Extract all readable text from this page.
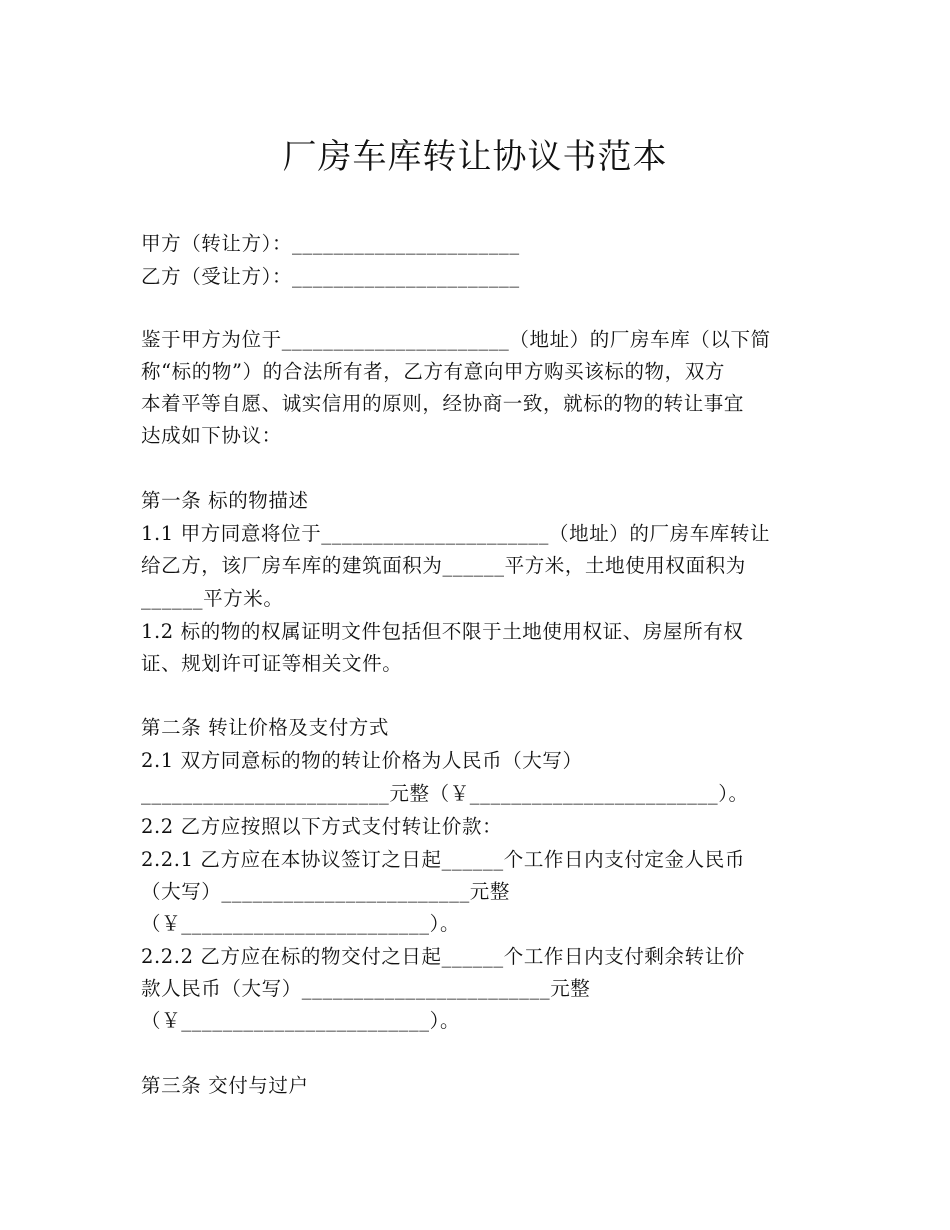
厂房车库转让协议书范本

甲方（转让方）：______________________

乙方（受让方）：______________________

鉴于甲方为位于______________________（地址）的厂房车库（以下简

称“标的物”）的合法所有者，乙方有意向甲方购买该标的物，双方

本着平等自愿、诚实信用的原则，经协商一致，就标的物的转让事宜

达成如下协议：

第一条 标的物描述

1.1 甲方同意将位于______________________（地址）的厂房车库转让

给乙方，该厂房车库的建筑面积为______平方米，土地使用权面积为

______平方米。

1.2 标的物的权属证明文件包括但不限于土地使用权证、房屋所有权

证、规划许可证等相关文件。

第二条 转让价格及支付方式

2.1 双方同意标的物的转让价格为人民币（大写）

________________________元整（￥________________________）。

2.2 乙方应按照以下方式支付转让价款：

2.2.1 乙方应在本协议签订之日起______个工作日内支付定金人民币

（大写）________________________元整

（￥________________________）。

2.2.2 乙方应在标的物交付之日起______个工作日内支付剩余转让价

款人民币（大写）________________________元整

（￥________________________）。

第三条 交付与过户
